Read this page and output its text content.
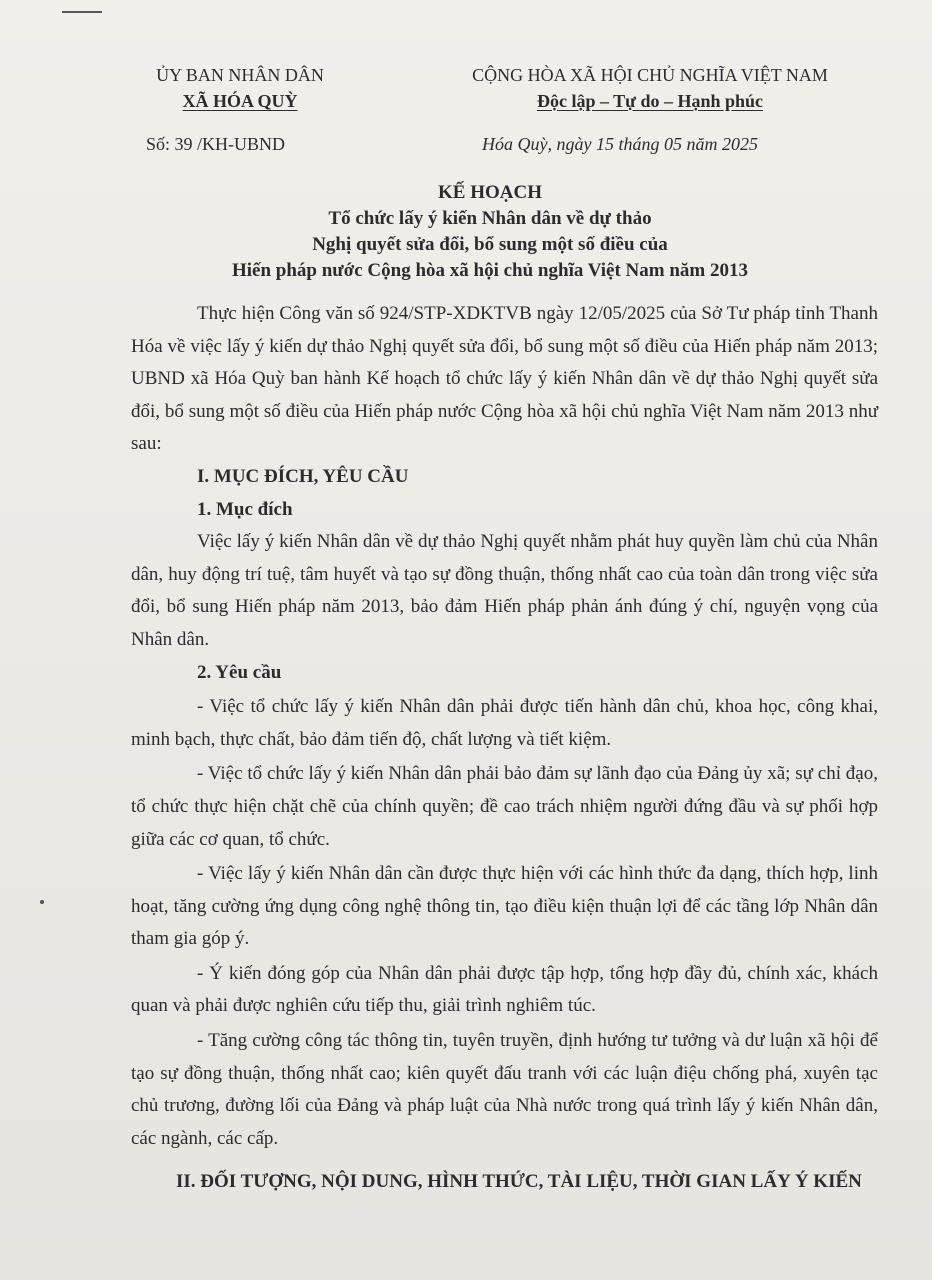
ỦY BAN NHÂN DÂN
XÃ HÓA QUỲ
CỘNG HÒA XÃ HỘI CHỦ NGHĨA VIỆT NAM
Độc lập – Tự do – Hạnh phúc
Số: 39 /KH-UBND	Hóa Quỳ, ngày 15 tháng 05 năm 2025
KẾ HOẠCH
Tổ chức lấy ý kiến Nhân dân về dự thảo
Nghị quyết sửa đổi, bổ sung một số điều của
Hiến pháp nước Cộng hòa xã hội chủ nghĩa Việt Nam năm 2013

Thực hiện Công văn số 924/STP-XDKTVB ngày 12/05/2025 của Sở Tư pháp tỉnh Thanh Hóa về việc lấy ý kiến dự thảo Nghị quyết sửa đổi, bổ sung một số điều của Hiến pháp năm 2013; UBND xã Hóa Quỳ ban hành Kế hoạch tổ chức lấy ý kiến Nhân dân về dự thảo Nghị quyết sửa đổi, bổ sung một số điều của Hiến pháp nước Cộng hòa xã hội chủ nghĩa Việt Nam năm 2013 như sau:

I. MỤC ĐÍCH, YÊU CẦU

1. Mục đích

Việc lấy ý kiến Nhân dân về dự thảo Nghị quyết nhằm phát huy quyền làm chủ của Nhân dân, huy động trí tuệ, tâm huyết và tạo sự đồng thuận, thống nhất cao của toàn dân trong việc sửa đổi, bổ sung Hiến pháp năm 2013, bảo đảm Hiến pháp phản ánh đúng ý chí, nguyện vọng của Nhân dân.

2. Yêu cầu

- Việc tổ chức lấy ý kiến Nhân dân phải được tiến hành dân chủ, khoa học, công khai, minh bạch, thực chất, bảo đảm tiến độ, chất lượng và tiết kiệm.

- Việc tổ chức lấy ý kiến Nhân dân phải bảo đảm sự lãnh đạo của Đảng ủy xã; sự chỉ đạo, tổ chức thực hiện chặt chẽ của chính quyền; đề cao trách nhiệm người đứng đầu và sự phối hợp giữa các cơ quan, tổ chức.

- Việc lấy ý kiến Nhân dân cần được thực hiện với các hình thức đa dạng, thích hợp, linh hoạt, tăng cường ứng dụng công nghệ thông tin, tạo điều kiện thuận lợi để các tầng lớp Nhân dân tham gia góp ý.

- Ý kiến đóng góp của Nhân dân phải được tập hợp, tổng hợp đầy đủ, chính xác, khách quan và phải được nghiên cứu tiếp thu, giải trình nghiêm túc.

- Tăng cường công tác thông tin, tuyên truyền, định hướng tư tưởng và dư luận xã hội để tạo sự đồng thuận, thống nhất cao; kiên quyết đấu tranh với các luận điệu chống phá, xuyên tạc chủ trương, đường lối của Đảng và pháp luật của Nhà nước trong quá trình lấy ý kiến Nhân dân, các ngành, các cấp.

II. ĐỐI TƯỢNG, NỘI DUNG, HÌNH THỨC, TÀI LIỆU, THỜI GIAN LẤY Ý KIẾN
